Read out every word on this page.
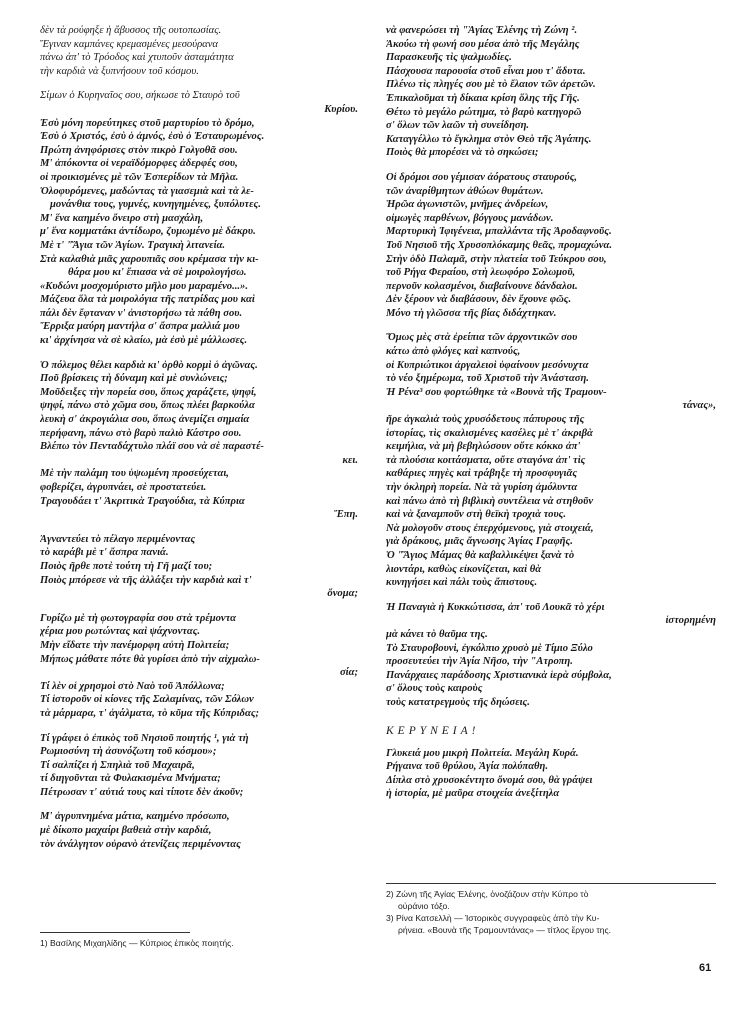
δὲν τὰ ρούφηξε ἡ ἄβυσσος τῆς ουτοπωσίας.
Ἔγιναν καμπάνες κρεμασμένες μεσούρανα
πάνω ἀπ' τὸ Τρόοδος καὶ χτυποῦν ἀσταμάτητα
τὴν καρδιὰ νὰ ξυπνήσουν τοῦ κόσμου.
Σίμων ὁ Κυρηναῖος σου, σήκωσε τὸ Σταυρὸ τοῦ
Κυρίου.
Ἐσὺ μόνη πορεύτηκες στοῦ μαρτυρίου τὸ δρόμο,
Ἐσὺ ὁ Χριστός, ἐσὺ ὁ ἀμνός, ἐσὺ ὁ Ἐσταυρωμένος.
Πρώτη ἀνηφόρισες στὸν πικρὸ Γολγοθᾶ σου.
Μ' ἀπόκοντα οἱ νεραϊδόμορφες ἀδερφές σου,
οἱ προικισμένες μὲ τῶν Ἑσπερίδων τὰ Μῆλα.
Ὀλοφυρόμενες, μαδώντας τὰ γιασεμιὰ καὶ τὰ λε-
μονάνθια τους, γυμνές, κυνηγημένες, ξυπόλυτες.
Μ' ἕνα καημένο ὄνειρο στὴ μασχάλη,
μ' ἕνα κομματάκι ἀντίδωρο, ζυμωμένο μὲ δάκρυ.
Μὲ τ' "Ἅγια τῶν Ἁγίων. Τραγικὴ λιτανεία.
Στὰ καλαθιὰ μιᾶς χαρουπιᾶς σου κρέμασα τὴν κι-
θάρα μου κι' ἔπιασα νὰ σὲ μοιρολογήσω.
«Κυδώνι μοσχομύριστο μῆλο μου μαραμένο...».
Μάζευα ὅλα τὰ μοιρολόγια τῆς πατρίδας μου καὶ
πάλι δὲν ἔφταναν ν' ἀνιστορήσω τὰ πάθη σου.
Ἔρριξα μαύρη μαντήλα σ' ἄσπρα μαλλιά μου
κι' ἀρχίνησα νὰ σὲ κλαίω, μὰ ἐσὺ μὲ μάλλωσες.
Ὁ πόλεμος θέλει καρδιὰ κι' ὀρθὸ κορμὶ ὁ ἀγῶνας.
Ποῦ βρίσκεις τὴ δύναμη καὶ μὲ συνλώνεις;
Μοῦδειξες τὴν πορεία σου, ὅπως χαράζετε, ψηφί,
ψηφί, πάνω στὸ χῶμα σου, ὅπως πλέει βαρκούλα
λευκὴ σ' ἀκρογιάλια σου, ὅπως ἀνεμίζει σημαία
περήφανη, πάνω στὸ βαρὺ παλιὸ Κάστρο σου.
Βλέπω τὸν Πενταδάχτυλο πλάϊ σου νὰ σὲ παραστέ-
κει.
Μὲ τὴν παλάμη του ὑψωμένη προσεύχεται,
φοβερίζει, ἀγρυπνάει, σὲ προστατεύει.
Τραγουδάει τ' Ἀκριτικὰ Τραγούδια, τὰ Κύπρια
Ἔπη.
Ἀγναντεύει τὸ πέλαγο περιμένοντας
τὸ καράβι μὲ τ' ἄσπρα πανιά.
Ποιὸς ῆρθε ποτὲ τούτη τὴ Γῆ μαζί του;
Ποιὸς μπόρεσε νὰ τῆς ἀλλάξει τὴν καρδιὰ καὶ τ'
ὄνομα;
Γυρίζω μὲ τὴ φωτογραφία σου στὰ τρέμοντα
χέρια μου ρωτώντας καὶ ψάχνοντας.
Μὴν εἴδατε τὴν πανέμορφη αὐτὴ Πολιτεία;
Μήπως μάθατε πότε θὰ γυρίσει ἀπὸ τὴν αἰχμαλω-
σία;
Τί λὲν οἱ χρησμοὶ στὸ Ναὸ τοῦ Ἀπόλλωνα;
Τί ἱστοροῦν οἱ κίονες τῆς Σαλαμίνας, τῶν Σόλων
τὰ μάρμαρα, τ' ἀγάλματα, τὸ κῦμα τῆς Κύπριδας;
Τί γράφει ὁ ἐπικὸς τοῦ Νησιοῦ ποιητής ¹, γιὰ τὴ
Ρωμιοσύνη τὴ ἀσυνόζωτη τοῦ κόσμου»;
Τί σαλπίζει ἡ Σπηλιὰ τοῦ Μαχαιρᾶ,
τί διηγοῦνται τὰ Φυλακισμένα Μνήματα;
Πέτρωσαν τ' αὐτιά τους καὶ τίποτε δὲν ἀκοῦν;
Μ' ἀγρυπνημένα μάτια, καημένο πρόσωπο,
μὲ δίκοπο μαχαίρι βαθειὰ στὴν καρδιά,
τὸν ἀνάλγητον οὐρανὸ ἀτενίζεις περιμένοντας
1) Βασίλης Μιχαηλίδης — Κύπριος ἐπικὸς ποιητής.
νὰ φανερώσει τὴ "Ἁγίας Ἑλένης τὴ Ζώνη ².
Ἀκούω τὴ φωνή σου μέσα ἀπὸ τῆς Μεγάλης
Παρασκευῆς τὶς ψαλμωδίες.
Πάσχουσα παρουσία στοῦ εἶναι μου τ' ἄδυτα.
Πλένω τὶς πληγές σου μὲ τὸ ἔλαιον τῶν ἀρετῶν.
Ἐπικαλοῦμαι τὴ δίκαια κρίση ὅλης τῆς Γῆς.
Θέτω τὸ μεγάλο ρώτημα, τὸ βαρὺ κατηγορῶ
σ' ὅλων τῶν λαῶν τὴ συνείδηση.
Καταγγέλλω τὸ ἔγκλημα στὸν Θεὸ τῆς Ἀγάπης.
Ποιὸς θὰ μπορέσει νὰ τὸ σηκώσει;
Οἱ δρόμοι σου γέμισαν ἀόρατους σταυρούς,
τῶν ἀναρίθμητων ἀθώων θυμάτων.
Ἡρῶα ἀγωνιστῶν, μνῆμες ἀνδρείων,
οἰμωγὲς παρθένων, βόγγους μανάδων.
Μαρτυρικὴ Ἰφιγένεια, μπαλλάντα τῆς Ἀροδαφνοῦς.
Τοῦ Νησιοῦ τῆς Χρυσοπλόκαμης θεᾶς, προμαχώνα.
Στὴν ὁδὸ Παλαμᾶ, στὴν πλατεία τοῦ Τεύκρου σου,
τοῦ Ρήγα Φεραίου, στὴ λεωφόρο Σολωμοῦ,
περνοῦν κολασμένοι, διαβαίνουνε δάνδαλοι.
Δὲν ξέρουν νὰ διαβάσουν, δὲν ἔχουνε φῶς.
Μόνο τὴ γλῶσσα τῆς βίας διδάχτηκαν.
Ὅμως μὲς στὰ ἐρείπια τῶν ἀρχοντικῶν σου
κάτω ἀπὸ φλόγες καὶ καπνούς,
οἱ Κυπριώτικοι ἀργαλειοὶ ὑφαίνουν μεσόνυχτα
τὸ νέο ξημέρωμα, τοῦ Χριστοῦ τὴν Ἀνάσταση.
Ἡ Ρένα³ σου φορτώθηκε τὰ «Βουνὰ τῆς Τραμουν-
τάνας»,
ῆρε ἀγκαλιὰ τοὺς χρυσόδετους πάπυρους τῆς
ἱστορίας, τὶς σκαλισμένες κασέλες μὲ τ' ἀκριβὰ
κειμήλια, νὰ μὴ βεβηλώσουν οὔτε κόκκο ἀπ'
τὰ πλούσια κοιτάσματα, οὔτε σταγόνα ἀπ' τὶς
καθάριες πηγὲς καὶ τράβηξε τὴ προσφυγιᾶς
τὴν ὀκληρὴ πορεία. Νὰ τὰ γυρίση ἀμόλυντα
καὶ πάνω ἀπὸ τὴ βιβλικὴ συντέλεια νὰ στηθοῦν
καὶ νὰ ξαναμποῦν στὴ θεϊκὴ τροχιὰ τους.
Νὰ μολογοῦν στους ἐπερχόμενους, γιὰ στοιχειά,
γιὰ δράκους, μιᾶς ἄγνωσης Ἁγίας Γραφῆς.
Ὁ "Ἅγιος Μάμας θὰ καβαλλικέψει ξανὰ τὸ
λιοντάρι, καθὼς εἰκονίζεται, καὶ θὰ
κυνηγήσει καὶ πάλι τοὺς ἄπιστους.
Ἡ Παναγιὰ ἡ Κυκκώτισσα, ἀπ' τοῦ Λουκᾶ τὸ χέρι
ἱστορημένη
μὰ κάνει τὸ θαῦμα της.
Τὸ Σταυροβουνὶ, ἐγκόλπιο χρυσὸ μὲ Τίμιο Ξύλο
προσευτεύει τὴν Ἁγία Νῆσο, τὴν "Ατροπη.
Πανάρχαιες παράδοσης Χριστιανικὰ ἱερὰ σύμβολα,
σ' ὅλους τοὺς καιροὺς
τοὺς κατατρεγμοὺς τῆς δηώσεις.
ΚΕΡΥΝΕΙΑ!
Γλυκειά μου μικρὴ Πολιτεία. Μεγάλη Κυρά.
Ρήγαινα τοῦ θρύλου, Ἁγία πολύπαθη.
Δίπλα στὸ χρυσοκέντητο ὄνομά σου, θὰ γράψει
ἡ ἱστορία, μὲ μαῦρα στοιχεία ἀνεξίτηλα
2) Ζώνη τῆς Ἁγίας Ἑλένης, ὀνοζάζουν στὴν Κύπρο τὸ
οὐράνιο τόξο.
3) Ρίνα Κατσελλὴ — Ἱστορικὸς συγγραφεὺς ἀπὸ τὴν Κυ-
ρήνεια. «Βουνὰ τῆς Τραμουντάνας» — τίτλος ἔργου της.
61
